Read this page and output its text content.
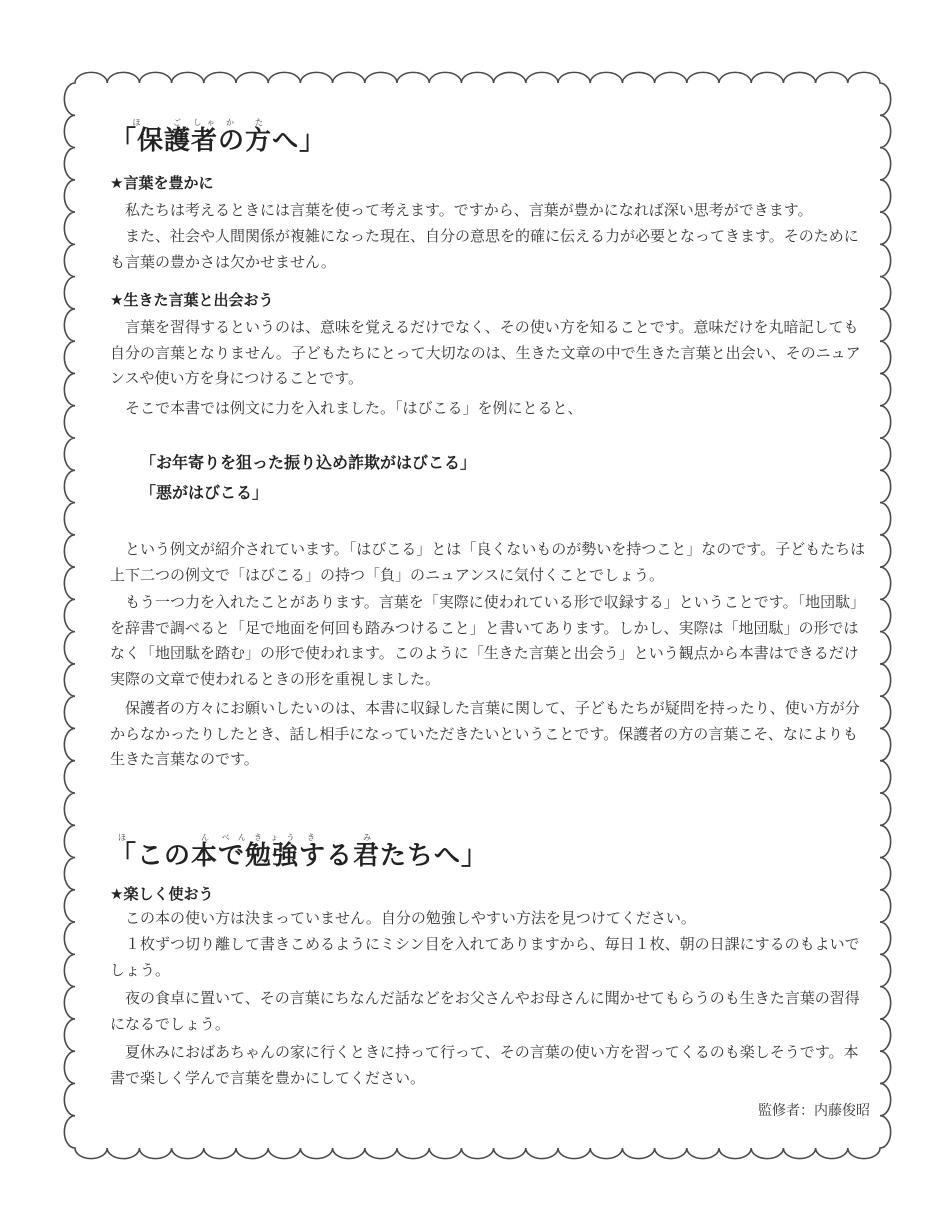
「保ほ護ご者しゃの方かたへ」
★言葉を豊かに

私たちは考えるときには言葉を使って考えます。ですから、言葉が豊かになれば深い思考ができます。

また、社会や人間関係が複雑になった現在、自分の意思を的確に伝える力が必要となってきます。そのためにも言葉の豊かさは欠かせません。

★生きた言葉と出会おう

言葉を習得するというのは、意味を覚えるだけでなく、その使い方を知ることです。意味だけを丸暗記しても自分の言葉となりません。子どもたちにとって大切なのは、生きた文章の中で生きた言葉と出会い、そのニュアンスや使い方を身につけることです。

そこで本書では例文に力を入れました。「はびこる」を例にとると、

「お年寄りを狙った振り込め詐欺がはびこる」
「悪がはびこる」

という例文が紹介されています。「はびこる」とは「良くないものが勢いを持つこと」なのです。子どもたちは上下二つの例文で「はびこる」の持つ「負」のニュアンスに気付くことでしょう。

もう一つ力を入れたことがあります。言葉を「実際に使われている形で収録する」ということです。「地団駄」を辞書で調べると「足で地面を何回も踏みつけること」と書いてあります。しかし、実際は「地団駄」の形ではなく「地団駄を踏む」の形で使われます。このように「生きた言葉と出会う」という観点から本書はできるだけ実際の文章で使われるときの形を重視しました。

保護者の方々にお願いしたいのは、本書に収録した言葉に関して、子どもたちが疑問を持ったり、使い方が分からなかったりしたとき、話し相手になっていただきたいということです。保護者の方の言葉こそ、なによりも生きた言葉なのです。

「この本ほんで勉強べんきょうする君きみたちへ」
★楽しく使おう

この本の使い方は決まっていません。自分の勉強しやすい方法を見つけてください。

１枚ずつ切り離して書きこめるようにミシン目を入れてありますから、毎日１枚、朝の日課にするのもよいでしょう。

夜の食卓に置いて、その言葉にちなんだ話などをお父さんやお母さんに聞かせてもらうのも生きた言葉の習得になるでしょう。

夏休みにおばあちゃんの家に行くときに持って行って、その言葉の使い方を習ってくるのも楽しそうです。本書で楽しく学んで言葉を豊かにしてください。

監修者：内藤俊昭
